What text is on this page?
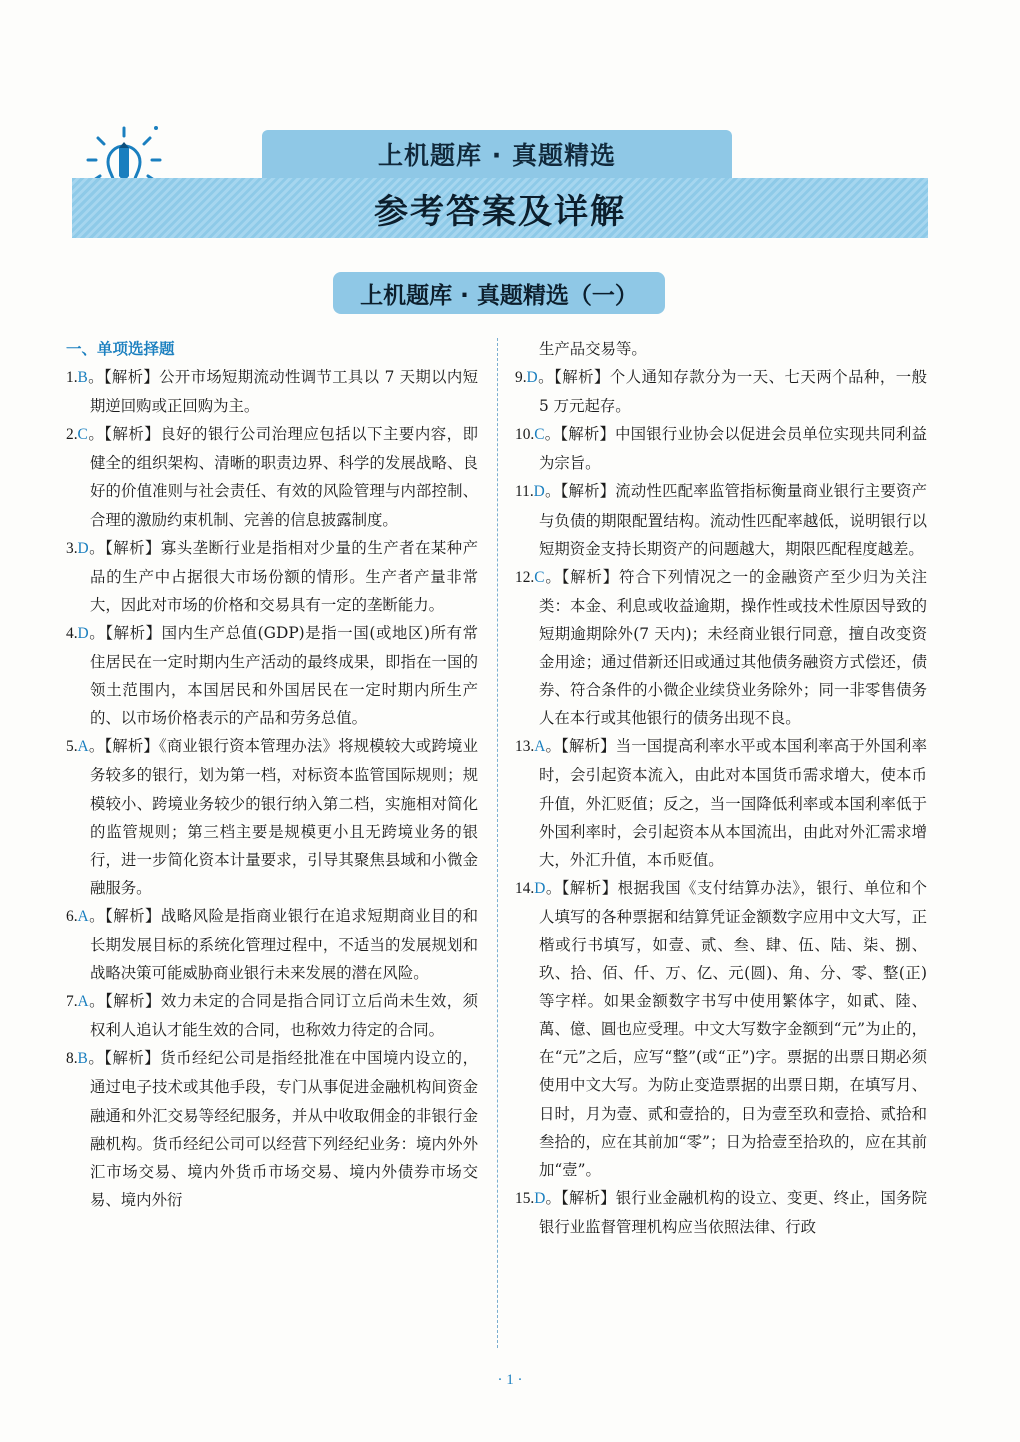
上机题库 · 真题精选
参考答案及详解
上机题库 · 真题精选（一）
一、单项选择题
1.B。【解析】公开市场短期流动性调节工具以 7 天期以内短期逆回购或正回购为主。
2.C。【解析】良好的银行公司治理应包括以下主要内容，即健全的组织架构、清晰的职责边界、科学的发展战略、良好的价值准则与社会责任、有效的风险管理与内部控制、合理的激励约束机制、完善的信息披露制度。
3.D。【解析】寡头垄断行业是指相对少量的生产者在某种产品的生产中占据很大市场份额的情形。生产者产量非常大，因此对市场的价格和交易具有一定的垄断能力。
4.D。【解析】国内生产总值(GDP)是指一国(或地区)所有常住居民在一定时期内生产活动的最终成果，即指在一国的领土范围内，本国居民和外国居民在一定时期内所生产的、以市场价格表示的产品和劳务总值。
5.A。【解析】《商业银行资本管理办法》将规模较大或跨境业务较多的银行，划为第一档，对标资本监管国际规则；规模较小、跨境业务较少的银行纳入第二档，实施相对简化的监管规则；第三档主要是规模更小且无跨境业务的银行，进一步简化资本计量要求，引导其聚焦县域和小微金融服务。
6.A。【解析】战略风险是指商业银行在追求短期商业目的和长期发展目标的系统化管理过程中，不适当的发展规划和战略决策可能威胁商业银行未来发展的潜在风险。
7.A。【解析】效力未定的合同是指合同订立后尚未生效，须权利人追认才能生效的合同，也称效力待定的合同。
8.B。【解析】货币经纪公司是指经批准在中国境内设立的，通过电子技术或其他手段，专门从事促进金融机构间资金融通和外汇交易等经纪服务，并从中收取佣金的非银行金融机构。货币经纪公司可以经营下列经纪业务：境内外外汇市场交易、境内外货币市场交易、境内外债券市场交易、境内外衍
生产品交易等。
9.D。【解析】个人通知存款分为一天、七天两个品种，一般 5 万元起存。
10.C。【解析】中国银行业协会以促进会员单位实现共同利益为宗旨。
11.D。【解析】流动性匹配率监管指标衡量商业银行主要资产与负债的期限配置结构。流动性匹配率越低，说明银行以短期资金支持长期资产的问题越大，期限匹配程度越差。
12.C。【解析】符合下列情况之一的金融资产至少归为关注类：本金、利息或收益逾期，操作性或技术性原因导致的短期逾期除外(7 天内)；未经商业银行同意，擅自改变资金用途；通过借新还旧或通过其他债务融资方式偿还，债券、符合条件的小微企业续贷业务除外；同一非零售债务人在本行或其他银行的债务出现不良。
13.A。【解析】当一国提高利率水平或本国利率高于外国利率时，会引起资本流入，由此对本国货币需求增大，使本币升值，外汇贬值；反之，当一国降低利率或本国利率低于外国利率时，会引起资本从本国流出，由此对外汇需求增大，外汇升值，本币贬值。
14.D。【解析】根据我国《支付结算办法》，银行、单位和个人填写的各种票据和结算凭证金额数字应用中文大写，正楷或行书填写，如壹、贰、叁、肆、伍、陆、柒、捌、玖、拾、佰、仟、万、亿、元(圆)、角、分、零、整(正)等字样。如果金额数字书写中使用繁体字，如貳、陸、萬、億、圓也应受理。中文大写数字金额到“元”为止的，在“元”之后，应写“整”(或“正”)字。票据的出票日期必须使用中文大写。为防止变造票据的出票日期，在填写月、日时，月为壹、贰和壹拾的，日为壹至玖和壹拾、贰拾和叁拾的，应在其前加“零”；日为拾壹至拾玖的，应在其前加“壹”。
15.D。【解析】银行业金融机构的设立、变更、终止，国务院银行业监督管理机构应当依照法律、行政
· 1 ·
